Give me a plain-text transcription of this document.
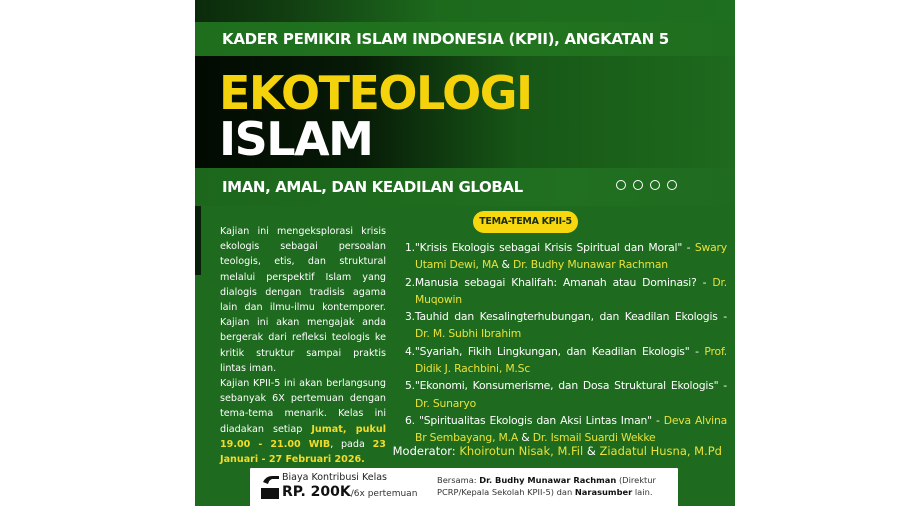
KADER PEMIKIR ISLAM INDONESIA (KPII), ANGKATAN 5
EKOTEOLOGI
ISLAM
IMAN, AMAL, DAN KEADILAN GLOBAL

Kajian ini mengeksplorasi krisis ekologis sebagai persoalan teologis, etis, dan struktural melalui perspektif Islam yang dialogis dengan tradisis agama lain dan ilmu-ilmu kontemporer. Kajian ini akan mengajak anda bergerak dari refleksi teologis ke kritik struktur sampai praktis lintas iman.

Kajian KPII-5 ini akan berlangsung sebanyak 6X pertemuan dengan tema-tema menarik. Kelas ini diadakan setiap Jumat, pukul 19.00 - 21.00 WIB, pada 23 Januari - 27 Februari 2026.

TEMA-TEMA KPII-5
1."Krisis Ekologis sebagai Krisis Spiritual dan Moral" - Swary Utami Dewi, MA & Dr. Budhy Munawar Rachman
2.Manusia sebagai Khalifah: Amanah atau Dominasi? - Dr. Muqowin
3.Tauhid dan Kesalingterhubungan, dan Keadilan Ekologis - Dr. M. Subhi Ibrahim
4."Syariah, Fikih Lingkungan, dan Keadilan Ekologis" - Prof. Didik J. Rachbini, M.Sc
5."Ekonomi, Konsumerisme, dan Dosa Struktural Ekologis" - Dr. Sunaryo
6. "Spiritualitas Ekologis dan Aksi Lintas Iman" - Deva Alvina Br Sembayang, M.A & Dr. Ismail Suardi Wekke
Moderator: Khoirotun Nisak, M.Fil & Ziadatul Husna, M.Pd
Biaya Kontribusi Kelas
RP. 200K/6x pertemuan
Bersama: Dr. Budhy Munawar Rachman (Direktur PCRP/Kepala Sekolah KPII-5) dan Narasumber lain.
